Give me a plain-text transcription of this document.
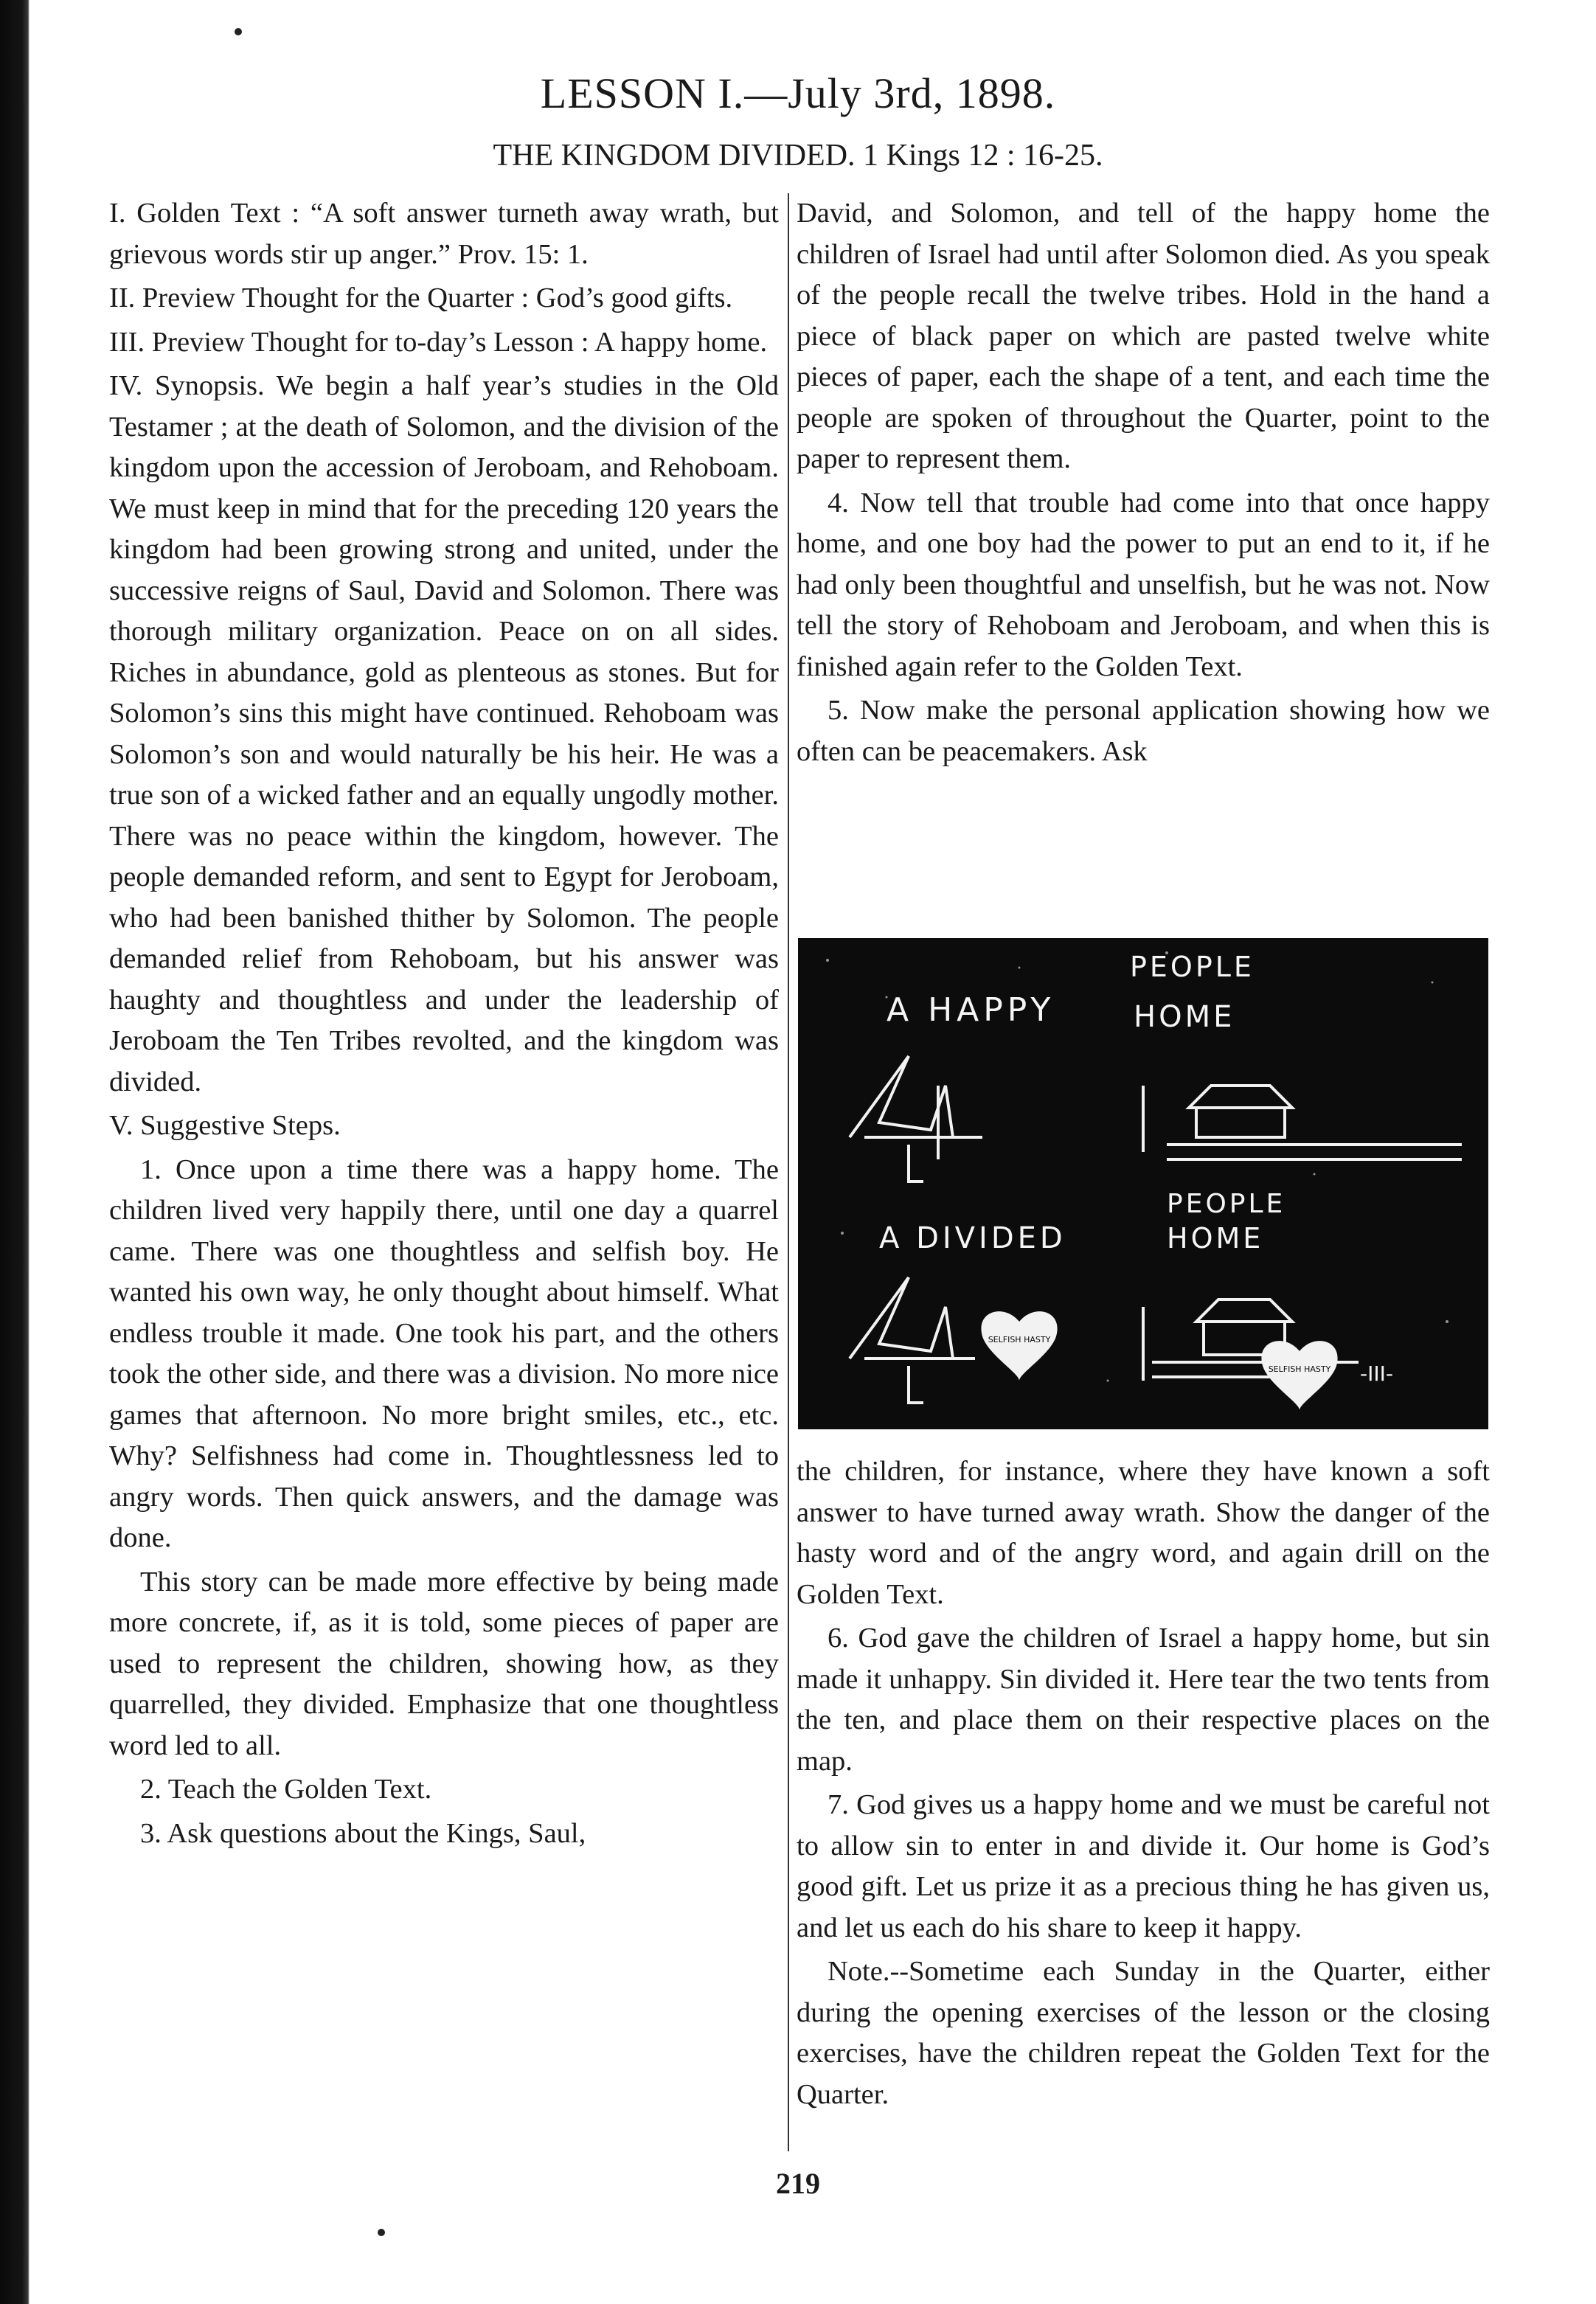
LESSON I.—July 3rd, 1898.
THE KINGDOM DIVIDED. 1 Kings 12 : 16-25.

I. Golden Text : “A soft answer turneth away wrath, but grievous words stir up anger.” Prov. 15: 1.

II. Preview Thought for the Quarter : God’s good gifts.

III. Preview Thought for to-day’s Lesson : A happy home.

IV. Synopsis. We begin a half year’s studies in the Old Testamer ; at the death of Solomon, and the division of the kingdom upon the accession of Jeroboam, and Rehoboam. We must keep in mind that for the preceding 120 years the kingdom had been growing strong and united, under the successive reigns of Saul, David and Solomon. There was thorough military organization. Peace on on all sides. Riches in abundance, gold as plenteous as stones. But for Solomon’s sins this might have continued. Rehoboam was Solomon’s son and would naturally be his heir. He was a true son of a wicked father and an equally ungodly mother. There was no peace within the kingdom, however. The people demanded reform, and sent to Egypt for Jeroboam, who had been banished thither by Solomon. The people demanded relief from Rehoboam, but his answer was haughty and thoughtless and under the leadership of Jeroboam the Ten Tribes revolted, and the kingdom was divided.

V. Suggestive Steps.

1. Once upon a time there was a happy home. The children lived very happily there, until one day a quarrel came. There was one thoughtless and selfish boy. He wanted his own way, he only thought about himself. What endless trouble it made. One took his part, and the others took the other side, and there was a division. No more nice games that afternoon. No more bright smiles, etc., etc. Why? Selfishness had come in. Thoughtlessness led to angry words. Then quick answers, and the damage was done.

This story can be made more effective by being made more concrete, if, as it is told, some pieces of paper are used to represent the children, showing how, as they quarrelled, they divided. Emphasize that one thoughtless word led to all.

2. Teach the Golden Text.

3. Ask questions about the Kings, Saul,

David, and Solomon, and tell of the happy home the children of Israel had until after Solomon died. As you speak of the people recall the twelve tribes. Hold in the hand a piece of black paper on which are pasted twelve white pieces of paper, each the shape of a tent, and each time the people are spoken of throughout the Quarter, point to the paper to represent them.

4. Now tell that trouble had come into that once happy home, and one boy had the power to put an end to it, if he had only been thoughtful and unselfish, but he was not. Now tell the story of Rehoboam and Jeroboam, and when this is finished again refer to the Golden Text.

5. Now make the personal application showing how we often can be peacemakers. Ask

PEOPLE
A HAPPY	HOME
PEOPLE
A DIVIDED	HOME
-III-
SELFISH HASTY
SELFISH HASTY

the children, for instance, where they have known a soft answer to have turned away wrath. Show the danger of the hasty word and of the angry word, and again drill on the Golden Text.

6. God gave the children of Israel a happy home, but sin made it unhappy. Sin divided it. Here tear the two tents from the ten, and place them on their respective places on the map.

7. God gives us a happy home and we must be careful not to allow sin to enter in and divide it. Our home is God’s good gift. Let us prize it as a precious thing he has given us, and let us each do his share to keep it happy.

Note.--Sometime each Sunday in the Quarter, either during the opening exercises of the lesson or the closing exercises, have the children repeat the Golden Text for the Quarter.

219
